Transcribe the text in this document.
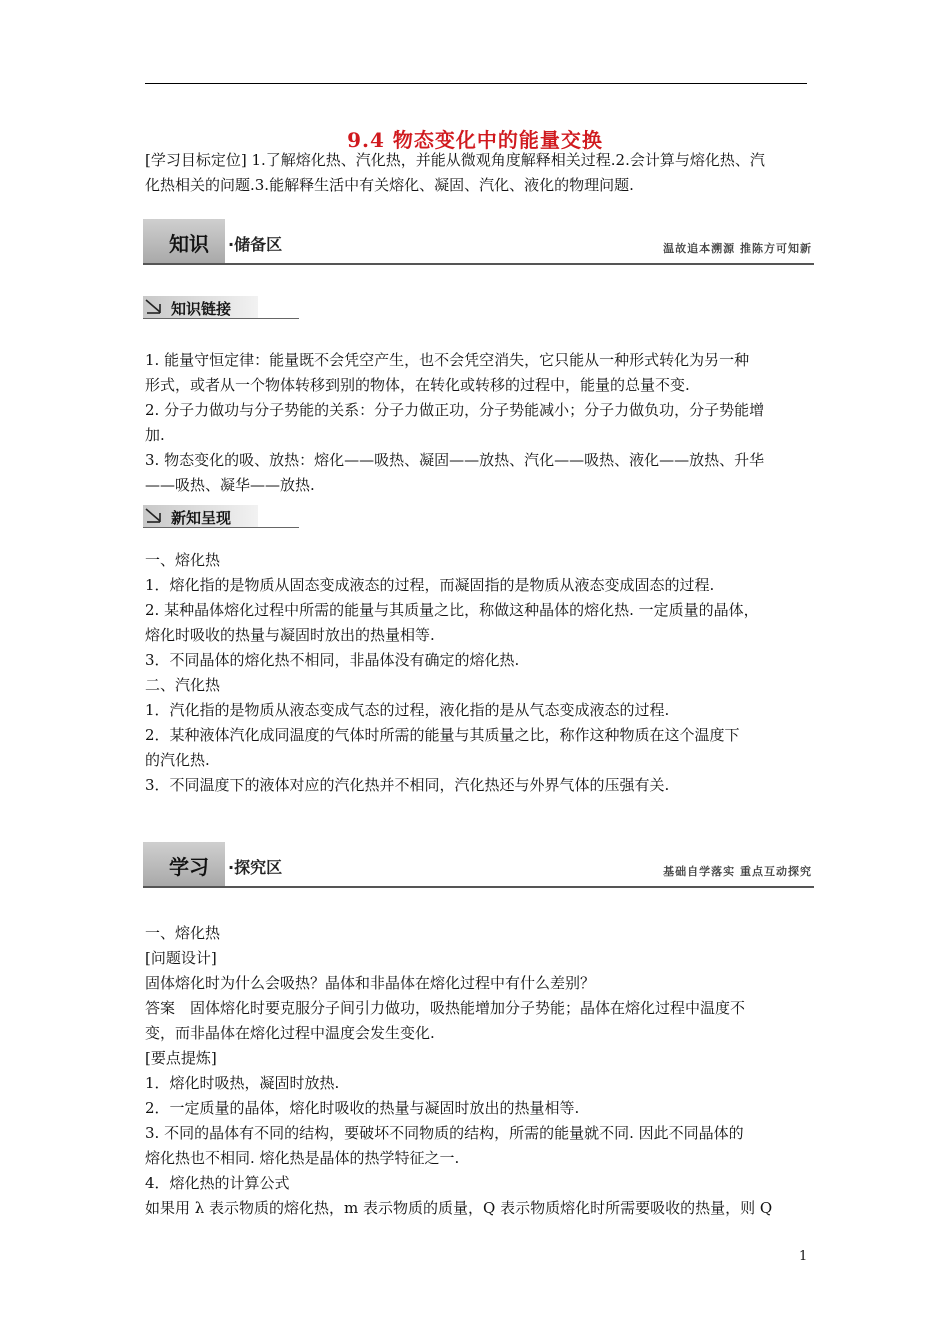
9.4 物态变化中的能量交换
[学习目标定位] 1.了解熔化热、汽化热，并能从微观角度解释相关过程.2.会计算与熔化热、汽
化热相关的问题.3.能解释生活中有关熔化、凝固、汽化、液化的物理问题.
知识 ·储备区	温故追本溯源 推陈方可知新
知识链接
1. 能量守恒定律：能量既不会凭空产生，也不会凭空消失，它只能从一种形式转化为另一种
形式，或者从一个物体转移到别的物体，在转化或转移的过程中，能量的总量不变.
2. 分子力做功与分子势能的关系：分子力做正功，分子势能减小；分子力做负功，分子势能增
加.
3. 物态变化的吸、放热：熔化——吸热、凝固——放热、汽化——吸热、液化——放热、升华
——吸热、凝华——放热.
新知呈现
一、熔化热
1．熔化指的是物质从固态变成液态的过程，而凝固指的是物质从液态变成固态的过程.
2. 某种晶体熔化过程中所需的能量与其质量之比，称做这种晶体的熔化热. 一定质量的晶体，
熔化时吸收的热量与凝固时放出的热量相等.
3．不同晶体的熔化热不相同，非晶体没有确定的熔化热.
二、汽化热
1．汽化指的是物质从液态变成气态的过程，液化指的是从气态变成液态的过程.
2．某种液体汽化成同温度的气体时所需的能量与其质量之比，称作这种物质在这个温度下
的汽化热.
3．不同温度下的液体对应的汽化热并不相同，汽化热还与外界气体的压强有关.
学习 ·探究区	基础自学落实 重点互动探究
一、熔化热
[问题设计]
固体熔化时为什么会吸热？晶体和非晶体在熔化过程中有什么差别？
答案　固体熔化时要克服分子间引力做功，吸热能增加分子势能；晶体在熔化过程中温度不
变，而非晶体在熔化过程中温度会发生变化.
[要点提炼]
1．熔化时吸热，凝固时放热.
2．一定质量的晶体，熔化时吸收的热量与凝固时放出的热量相等.
3. 不同的晶体有不同的结构，要破坏不同物质的结构，所需的能量就不同. 因此不同晶体的
熔化热也不相同. 熔化热是晶体的热学特征之一.
4．熔化热的计算公式
如果用 λ 表示物质的熔化热，m 表示物质的质量，Q 表示物质熔化时所需要吸收的热量，则 Q
1
